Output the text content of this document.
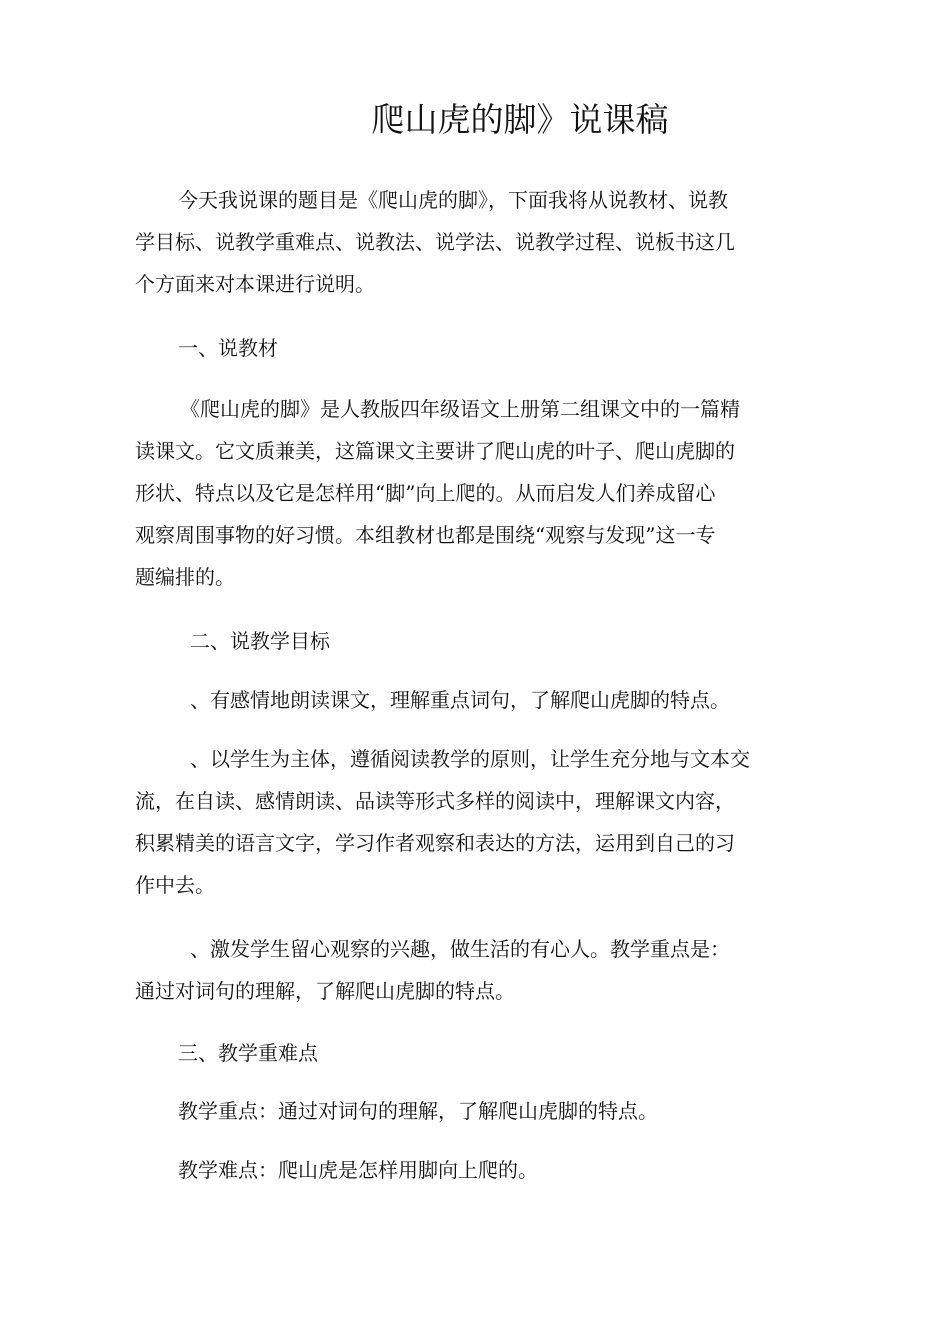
爬山虎的脚》说课稿
今天我说课的题目是《爬山虎的脚》，下面我将从说教材、说教
学目标、说教学重难点、说教法、说学法、说教学过程、说板书这几
个方面来对本课进行说明。
一、说教材
《爬山虎的脚》是人教版四年级语文上册第二组课文中的一篇精
读课文。它文质兼美，这篇课文主要讲了爬山虎的叶子、爬山虎脚的
形状、特点以及它是怎样用“脚”向上爬的。从而启发人们养成留心
观察周围事物的好习惯。本组教材也都是围绕“观察与发现”这一专
题编排的。
二、说教学目标
、有感情地朗读课文，理解重点词句，了解爬山虎脚的特点。
、以学生为主体，遵循阅读教学的原则，让学生充分地与文本交
流，在自读、感情朗读、品读等形式多样的阅读中，理解课文内容，
积累精美的语言文字，学习作者观察和表达的方法，运用到自己的习
作中去。
、激发学生留心观察的兴趣，做生活的有心人。教学重点是：
通过对词句的理解，了解爬山虎脚的特点。
三、教学重难点
教学重点：通过对词句的理解，了解爬山虎脚的特点。
教学难点：爬山虎是怎样用脚向上爬的。
